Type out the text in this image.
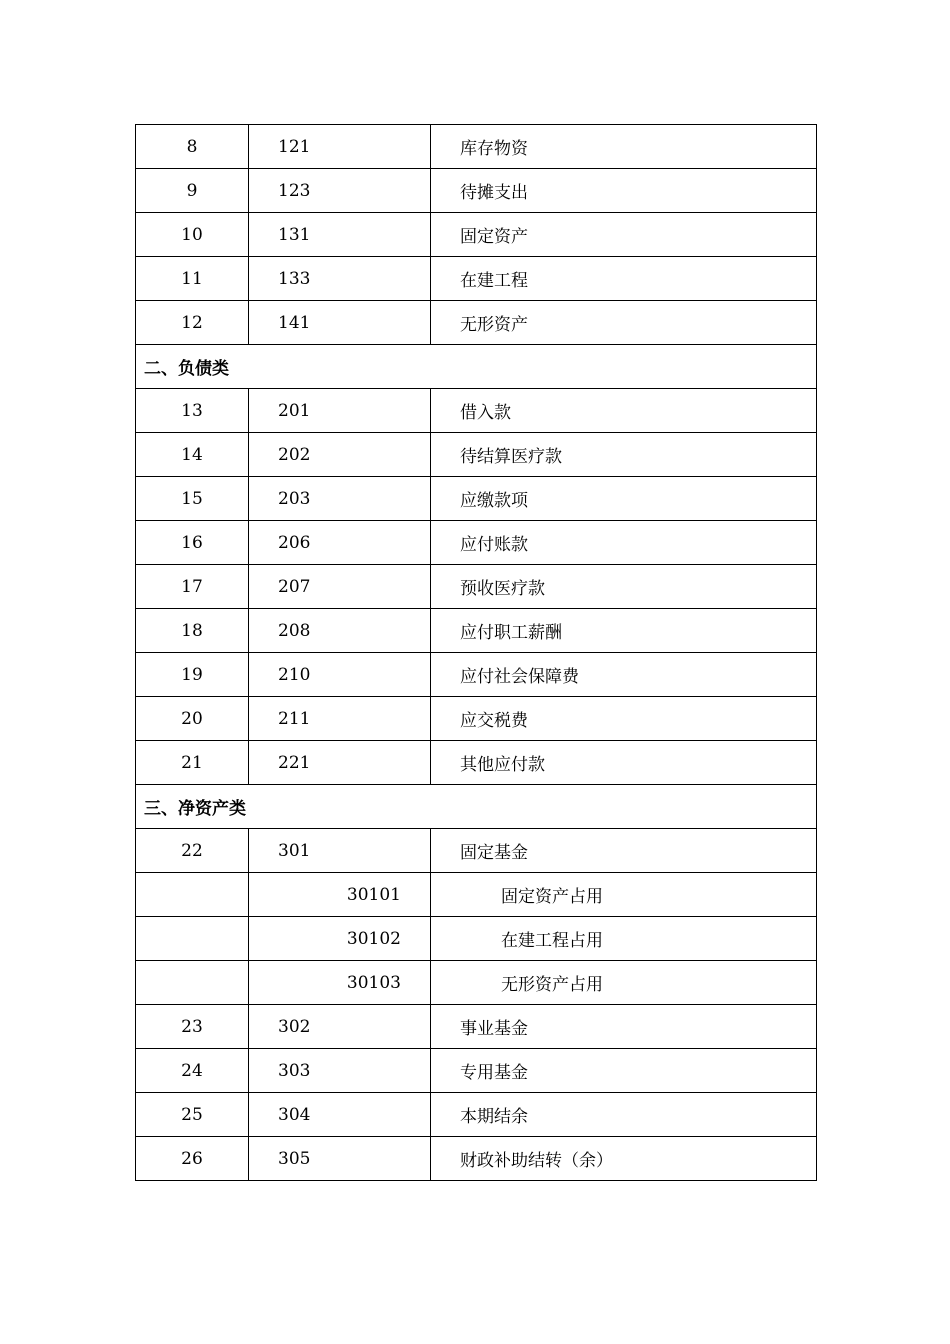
8	121	库存物资
9	123	待摊支出
10	131	固定资产
11	133	在建工程
12	141	无形资产
二、负债类		
13	201	借入款
14	202	待结算医疗款
15	203	应缴款项
16	206	应付账款
17	207	预收医疗款
18	208	应付职工薪酬
19	210	应付社会保障费
20	211	应交税费
21	221	其他应付款
三、净资产类		
22	301	固定基金
	30101	固定资产占用
	30102	在建工程占用
	30103	无形资产占用
23	302	事业基金
24	303	专用基金
25	304	本期结余
26	305	财政补助结转（余）
